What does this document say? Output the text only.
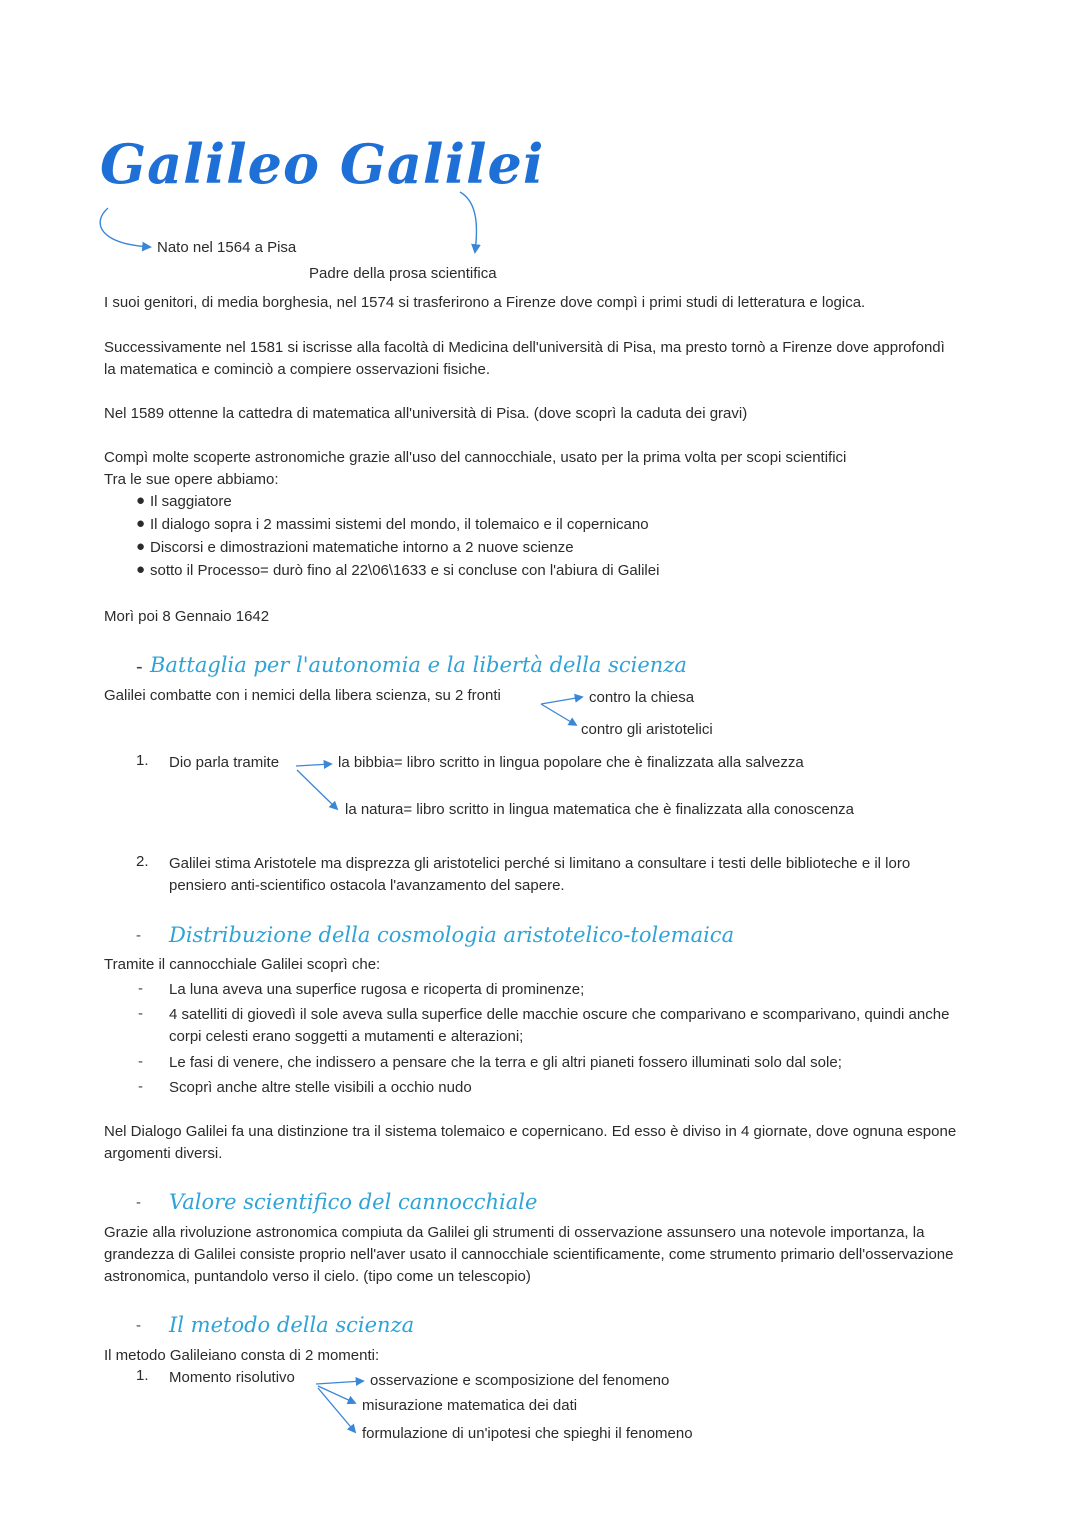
Galileo Galilei
Nato nel 1564 a Pisa
Padre della prosa scientifica
I suoi genitori, di media borghesia, nel 1574 si trasferirono a Firenze dove compì i primi studi di letteratura e logica.
Successivamente nel 1581 si iscrisse alla facoltà di Medicina dell'università di Pisa, ma presto tornò a Firenze dove approfondì la matematica e cominciò a compiere osservazioni fisiche.
Nel 1589 ottenne la cattedra di matematica all'università di Pisa. (dove scoprì la caduta dei gravi)
Compì molte scoperte astronomiche grazie all'uso del cannocchiale, usato per la prima volta per scopi scientifici
Tra le sue opere abbiamo:
● Il saggiatore
● Il dialogo sopra i 2 massimi sistemi del mondo, il tolemaico e il copernicano
● Discorsi e dimostrazioni matematiche intorno a 2 nuove scienze
● sotto il Processo= durò fino al 22\06\1633 e si concluse con l'abiura di Galilei
Morì poi 8 Gennaio 1642
- Battaglia per l'autonomia e la libertà della scienza
Galilei combatte con i nemici della libera scienza, su 2 fronti	contro la chiesa
contro gli aristotelici
1. Dio parla tramite	la bibbia= libro scritto in lingua popolare che è finalizzata alla salvezza
la natura= libro scritto in lingua matematica che è finalizzata alla conoscenza
2. Galilei stima Aristotele ma disprezza gli aristotelici perché si limitano a consultare i testi delle biblioteche e il loro pensiero anti-scientifico ostacola l'avanzamento del sapere.
- Distribuzione della cosmologia aristotelico-tolemaica
Tramite il cannocchiale Galilei scoprì che:
- La luna aveva una superfice rugosa e ricoperta di prominenze;
- 4 satelliti di giovedì il sole aveva sulla superfice delle macchie oscure che comparivano e scomparivano, quindi anche corpi celesti erano soggetti a mutamenti e alterazioni;
- Le fasi di venere, che indissero a pensare che la terra e gli altri pianeti fossero illuminati solo dal sole;
- Scoprì anche altre stelle visibili a occhio nudo
Nel Dialogo Galilei fa una distinzione tra il sistema tolemaico e copernicano. Ed esso è diviso in 4 giornate, dove ognuna espone argomenti diversi.
- Valore scientifico del cannocchiale
Grazie alla rivoluzione astronomica compiuta da Galilei gli strumenti di osservazione assunsero una notevole importanza, la grandezza di Galilei consiste proprio nell'aver usato il cannocchiale scientificamente, come strumento primario dell'osservazione astronomica, puntandolo verso il cielo. (tipo come un telescopio)
- Il metodo della scienza
Il metodo Galileiano consta di 2 momenti:
1. Momento risolutivo	osservazione e scomposizione del fenomeno
misurazione matematica dei dati
formulazione di un'ipotesi che spieghi il fenomeno
